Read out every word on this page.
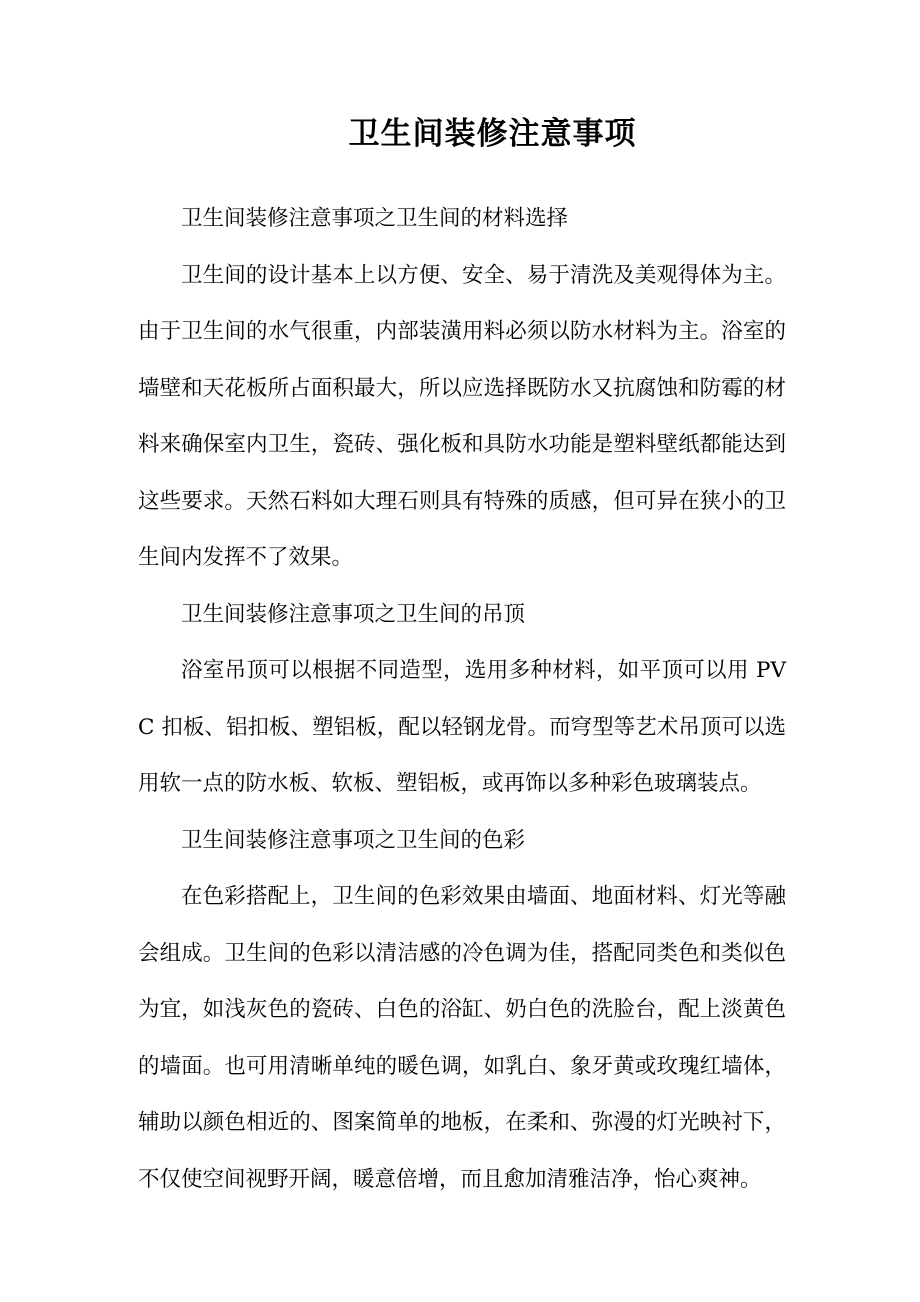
卫生间装修注意事项

卫生间装修注意事项之卫生间的材料选择

卫生间的设计基本上以方便、安全、易于清洗及美观得体为主。由于卫生间的水气很重，内部装潢用料必须以防水材料为主。浴室的墙壁和天花板所占面积最大，所以应选择既防水又抗腐蚀和防霉的材料来确保室内卫生，瓷砖、强化板和具防水功能是塑料壁纸都能达到这些要求。天然石料如大理石则具有特殊的质感，但可异在狭小的卫生间内发挥不了效果。

卫生间装修注意事项之卫生间的吊顶

浴室吊顶可以根据不同造型，选用多种材料，如平顶可以用 PVC 扣板、铝扣板、塑铝板，配以轻钢龙骨。而穹型等艺术吊顶可以选用软一点的防水板、软板、塑铝板，或再饰以多种彩色玻璃装点。

卫生间装修注意事项之卫生间的色彩

在色彩搭配上，卫生间的色彩效果由墙面、地面材料、灯光等融会组成。卫生间的色彩以清洁感的冷色调为佳，搭配同类色和类似色为宜，如浅灰色的瓷砖、白色的浴缸、奶白色的洗脸台，配上淡黄色的墙面。也可用清晰单纯的暖色调，如乳白、象牙黄或玫瑰红墙体，辅助以颜色相近的、图案简单的地板，在柔和、弥漫的灯光映衬下，不仅使空间视野开阔，暖意倍增，而且愈加清雅洁净，怡心爽神。
